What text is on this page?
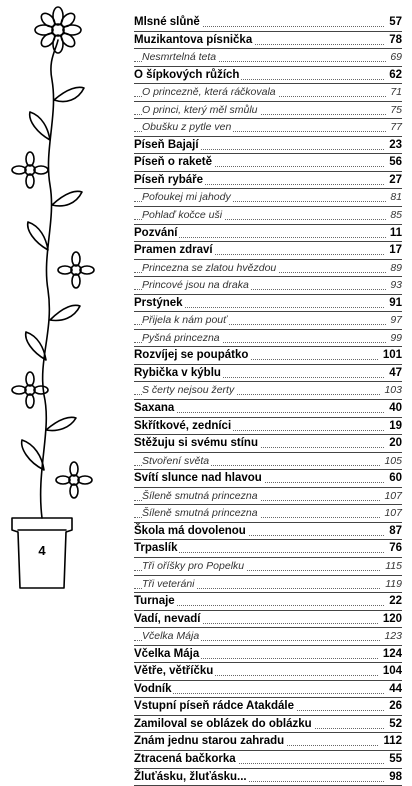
4
Mlsné slůně	57
Muzikantova písnička	78
Nesmrtelná teta	69
O šípkových růžích	62
O princezně, která ráčkovala	71
O princi, který měl smůlu	75
Obušku z pytle ven	77
Píseň Bajají	23
Píseň o raketě	56
Píseň rybáře	27
Pofoukej mi jahody	81
Pohlaď kočce uši	85
Pozvání	11
Pramen zdraví	17
Princezna se zlatou hvězdou	89
Princové jsou na draka	93
Prstýnek	91
Přijela k nám pouť	97
Pyšná princezna	99
Rozvíjej se poupátko	101
Rybička v kýblu	47
S čerty nejsou žerty	103
Saxana	40
Skřítkové, zedníci	19
Stěžuju si svému stínu	20
Stvoření světa	105
Svítí slunce nad hlavou	60
Šíleně smutná princezna	107
Šíleně smutná princezna	107
Škola má dovolenou	87
Trpaslík	76
Tři oříšky pro Popelku	115
Tři veteráni	119
Turnaje	22
Vadí, nevadí	120
Včelka Mája	123
Včelka Mája	124
Větře, větříčku	104
Vodník	44
Vstupní píseň rádce Atakdále	26
Zamiloval se oblázek do oblázku	52
Znám jednu starou zahradu	112
Ztracená bačkorka	55
Žluťásku, žluťásku...	98
